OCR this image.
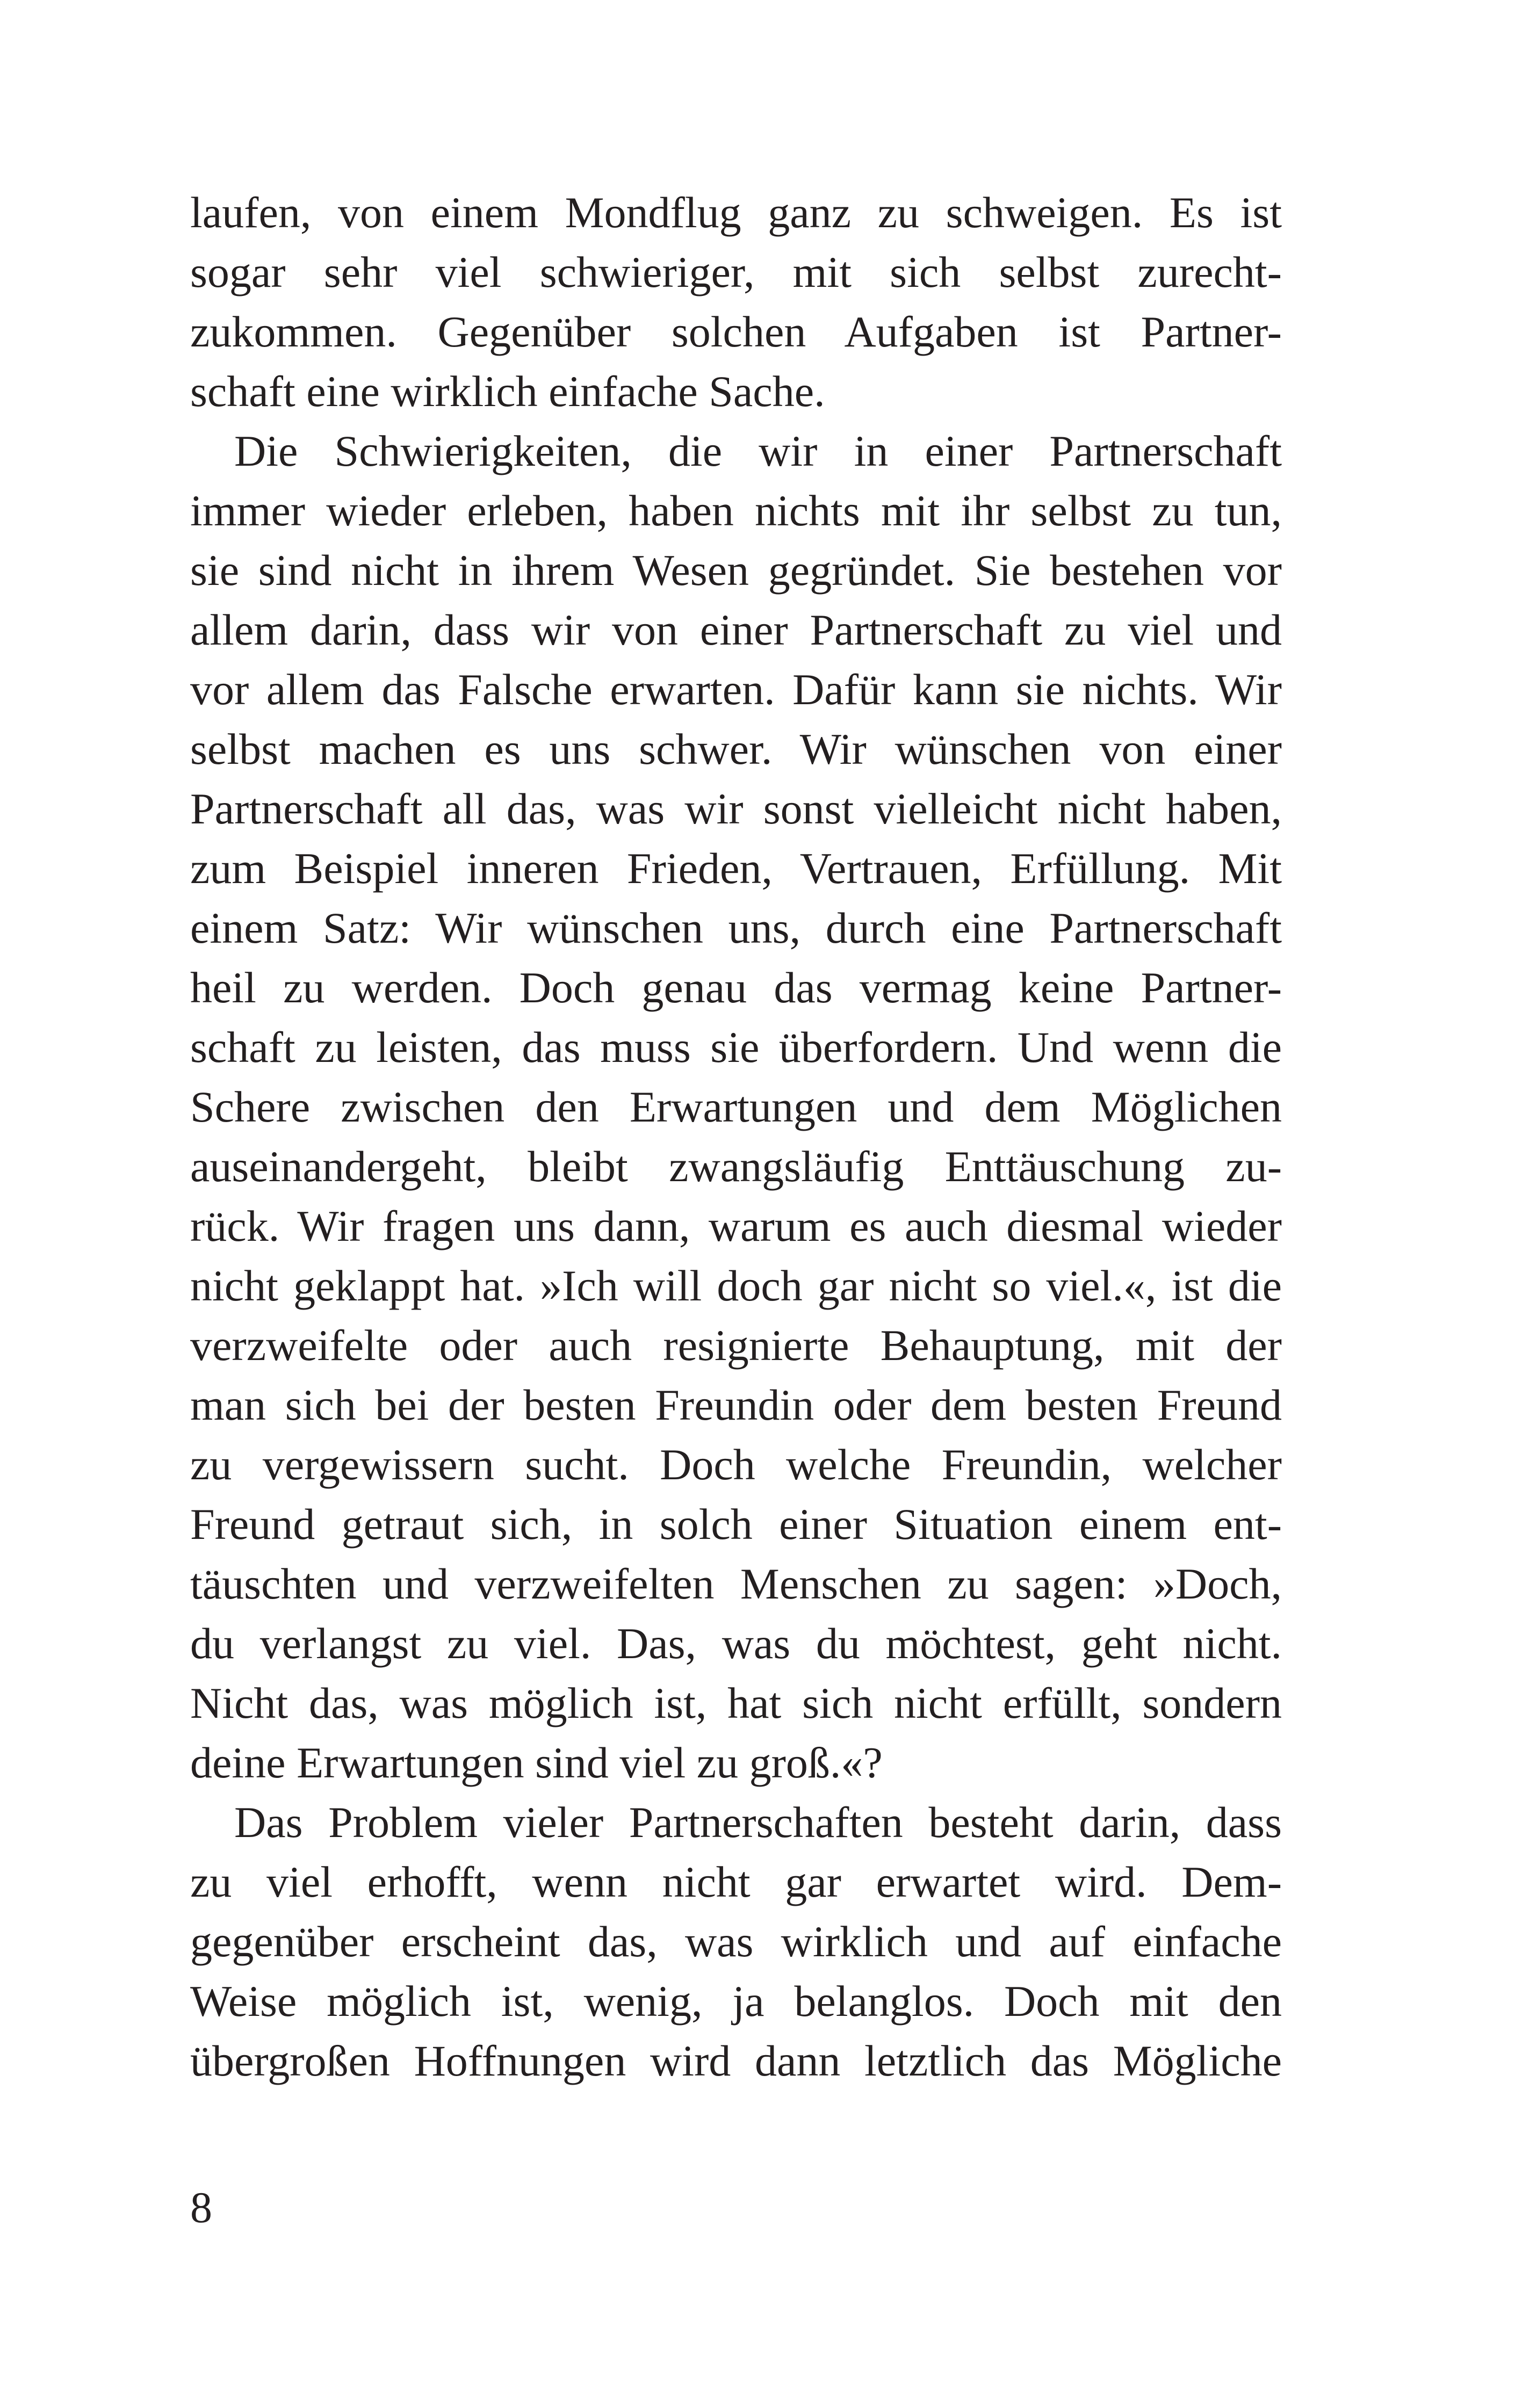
laufen, von einem Mondflug ganz zu schweigen. Es ist
sogar sehr viel schwieriger, mit sich selbst zurecht-
zukommen. Gegenüber solchen Aufgaben ist Partner-
schaft eine wirklich einfache Sache.
Die Schwierigkeiten, die wir in einer Partnerschaft
immer wieder erleben, haben nichts mit ihr selbst zu tun,
sie sind nicht in ihrem Wesen gegründet. Sie bestehen vor
allem darin, dass wir von einer Partnerschaft zu viel und
vor allem das Falsche erwarten. Dafür kann sie nichts. Wir
selbst machen es uns schwer. Wir wünschen von einer
Partnerschaft all das, was wir sonst vielleicht nicht haben,
zum Beispiel inneren Frieden, Vertrauen, Erfüllung. Mit
einem Satz: Wir wünschen uns, durch eine Partnerschaft
heil zu werden. Doch genau das vermag keine Partner-
schaft zu leisten, das muss sie überfordern. Und wenn die
Schere zwischen den Erwartungen und dem Möglichen
auseinandergeht, bleibt zwangsläufig Enttäuschung zu-
rück. Wir fragen uns dann, warum es auch diesmal wieder
nicht geklappt hat. »Ich will doch gar nicht so viel.«, ist die
verzweifelte oder auch resignierte Behauptung, mit der
man sich bei der besten Freundin oder dem besten Freund
zu vergewissern sucht. Doch welche Freundin, welcher
Freund getraut sich, in solch einer Situation einem ent-
täuschten und verzweifelten Menschen zu sagen: »Doch,
du verlangst zu viel. Das, was du möchtest, geht nicht.
Nicht das, was möglich ist, hat sich nicht erfüllt, sondern
deine Erwartungen sind viel zu groß.«?
Das Problem vieler Partnerschaften besteht darin, dass
zu viel erhofft, wenn nicht gar erwartet wird. Dem-
gegenüber erscheint das, was wirklich und auf einfache
Weise möglich ist, wenig, ja belanglos. Doch mit den
übergroßen Hoffnungen wird dann letztlich das Mögliche
8
